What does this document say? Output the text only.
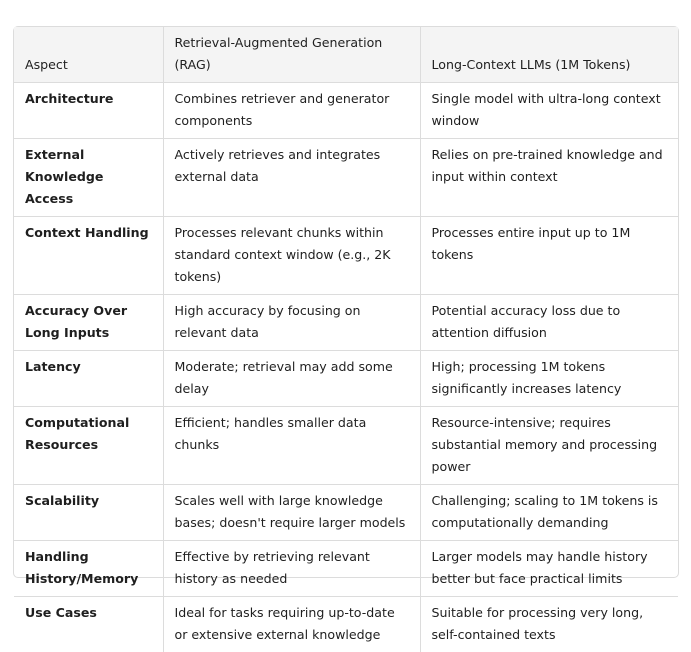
Aspect	Retrieval-Augmented Generation (RAG)	Long-Context LLMs (1M Tokens)
Architecture	Combines retriever and generator components	Single model with ultra-long context window
External Knowledge Access	Actively retrieves and integrates external data	Relies on pre-trained knowledge and input within context
Context Handling	Processes relevant chunks within standard context window (e.g., 2K tokens)	Processes entire input up to 1M tokens
Accuracy Over Long Inputs	High accuracy by focusing on relevant data	Potential accuracy loss due to attention diffusion
Latency	Moderate; retrieval may add some delay	High; processing 1M tokens significantly increases latency
Computational Resources	Efficient; handles smaller data chunks	Resource-intensive; requires substantial memory and processing power
Scalability	Scales well with large knowledge bases; doesn't require larger models	Challenging; scaling to 1M tokens is computationally demanding
Handling History/Memory	Effective by retrieving relevant history as needed	Larger models may handle history better but face practical limits
Use Cases	Ideal for tasks requiring up-to-date or extensive external knowledge	Suitable for processing very long, self-contained texts
